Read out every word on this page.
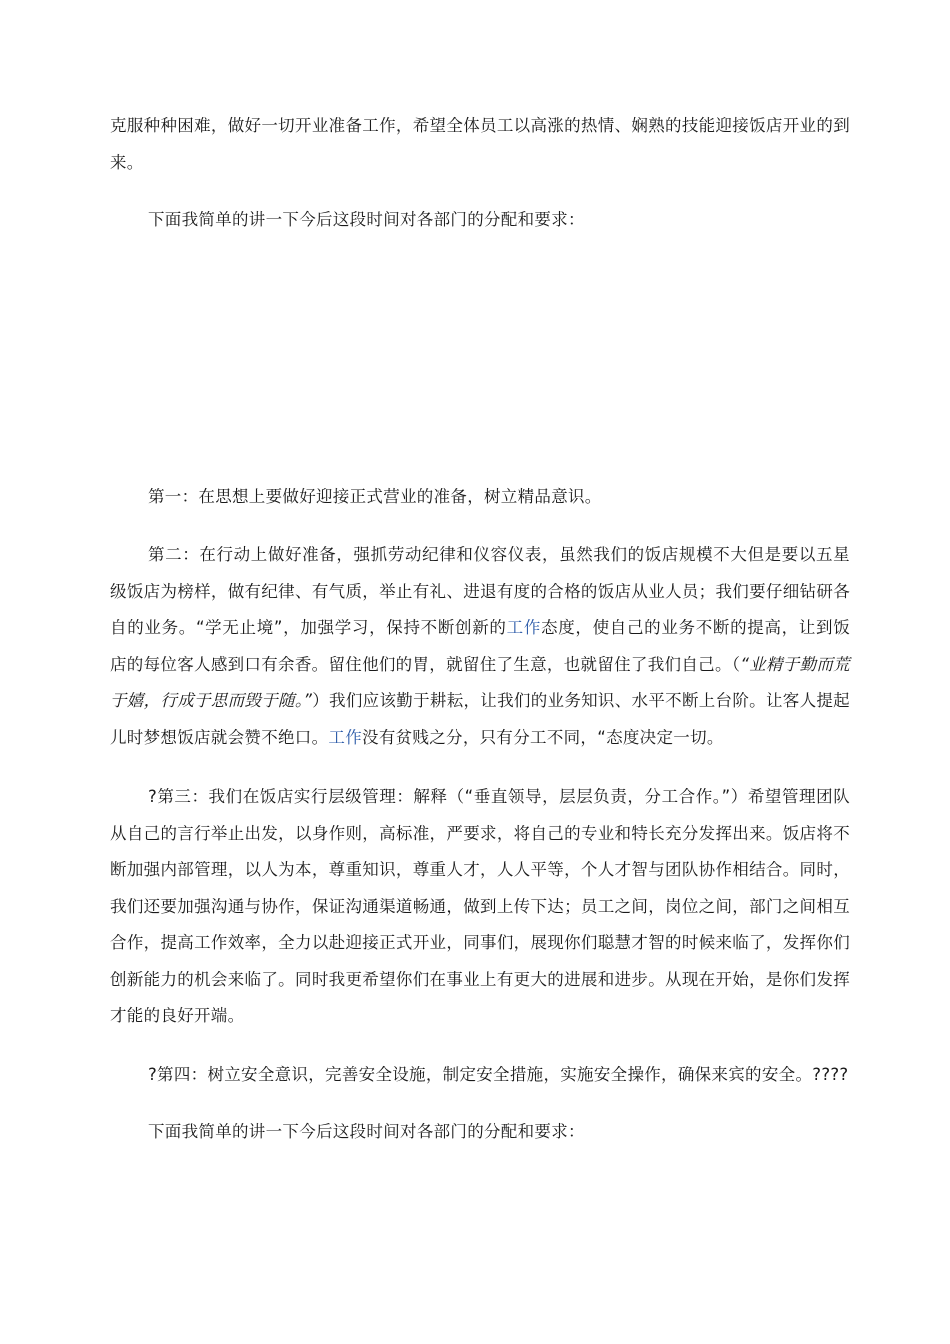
克服种种困难，做好一切开业准备工作，希望全体员工以高涨的热情、娴熟的技能迎接饭店开业的到来。

下面我简单的讲一下今后这段时间对各部门的分配和要求：

第一：在思想上要做好迎接正式营业的准备，树立精品意识。

第二：在行动上做好准备，强抓劳动纪律和仪容仪表，虽然我们的饭店规模不大但是要以五星级饭店为榜样，做有纪律、有气质，举止有礼、进退有度的合格的饭店从业人员；我们要仔细钻研各自的业务。“学无止境”，加强学习，保持不断创新的工作态度，使自己的业务不断的提高，让到饭店的每位客人感到口有余香。留住他们的胃，就留住了生意，也就留住了我们自己。（“业精于勤而荒于嬉，行成于思而毁于随。”）我们应该勤于耕耘，让我们的业务知识、水平不断上台阶。让客人提起儿时梦想饭店就会赞不绝口。工作没有贫贱之分，只有分工不同，“态度决定一切。

?第三：我们在饭店实行层级管理：解释（“垂直领导，层层负责，分工合作。”）希望管理团队从自己的言行举止出发，以身作则，高标准，严要求，将自己的专业和特长充分发挥出来。饭店将不断加强内部管理，以人为本，尊重知识，尊重人才，人人平等，个人才智与团队协作相结合。同时，我们还要加强沟通与协作，保证沟通渠道畅通，做到上传下达；员工之间，岗位之间，部门之间相互合作，提高工作效率，全力以赴迎接正式开业，同事们，展现你们聪慧才智的时候来临了，发挥你们创新能力的机会来临了。同时我更希望你们在事业上有更大的进展和进步。从现在开始，是你们发挥才能的良好开端。

?第四：树立安全意识，完善安全设施，制定安全措施，实施安全操作，确保来宾的安全。????

下面我简单的讲一下今后这段时间对各部门的分配和要求：
